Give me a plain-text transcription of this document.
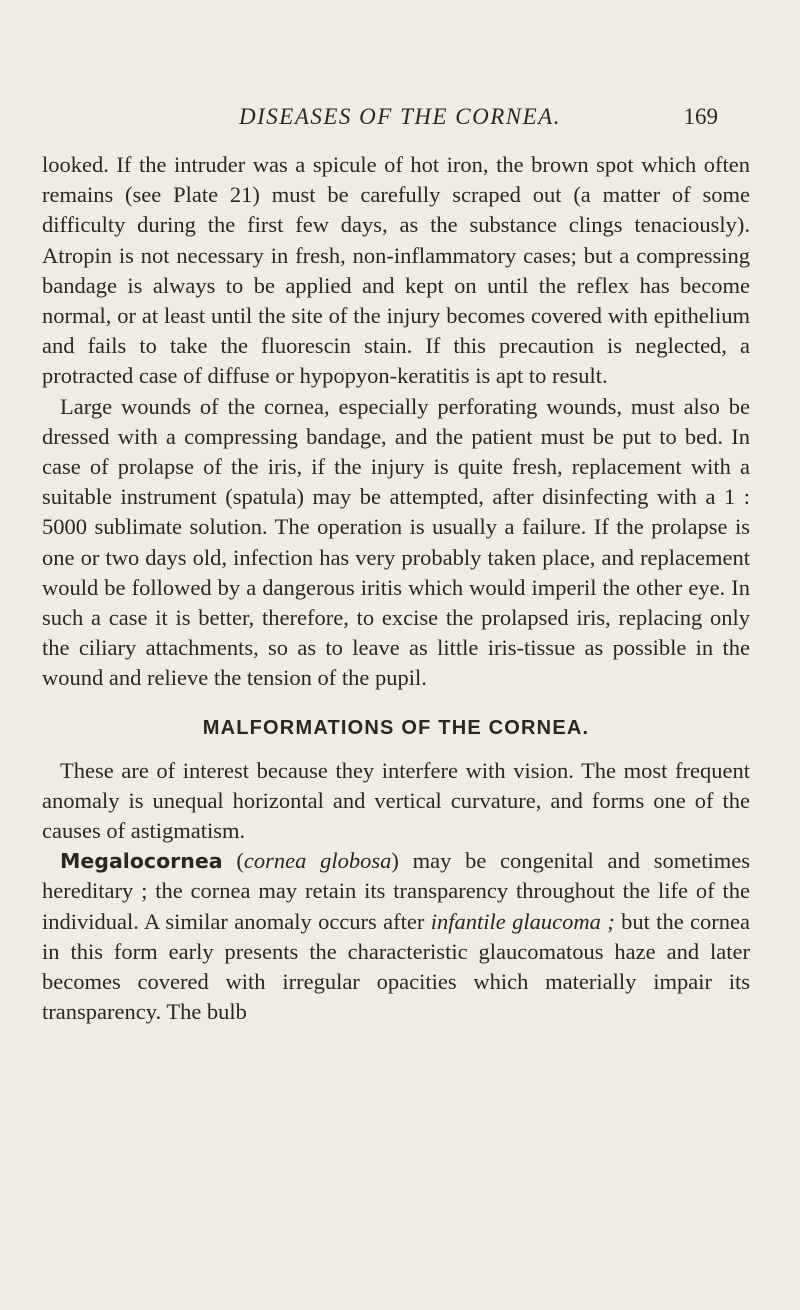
DISEASES OF THE CORNEA.	169

looked. If the intruder was a spicule of hot iron, the brown spot which often remains (see Plate 21) must be carefully scraped out (a matter of some difficulty during the first few days, as the substance clings tenaciously). Atropin is not necessary in fresh, non-inflammatory cases; but a compressing bandage is always to be applied and kept on until the reflex has become normal, or at least until the site of the injury becomes covered with epithelium and fails to take the fluorescin stain. If this precaution is neglected, a protracted case of diffuse or hypopyon-keratitis is apt to result.

Large wounds of the cornea, especially perforating wounds, must also be dressed with a compressing bandage, and the patient must be put to bed. In case of prolapse of the iris, if the injury is quite fresh, replacement with a suitable instrument (spatula) may be attempted, after disinfecting with a 1 : 5000 sublimate solution. The operation is usually a failure. If the prolapse is one or two days old, infection has very probably taken place, and replacement would be followed by a dangerous iritis which would imperil the other eye. In such a case it is better, therefore, to excise the prolapsed iris, replacing only the ciliary attachments, so as to leave as little iris-tissue as possible in the wound and relieve the tension of the pupil.

MALFORMATIONS OF THE CORNEA.

These are of interest because they interfere with vision. The most frequent anomaly is unequal horizontal and vertical curvature, and forms one of the causes of astigmatism.

Megalocornea (cornea globosa) may be congenital and sometimes hereditary ; the cornea may retain its transparency throughout the life of the individual. A similar anomaly occurs after infantile glaucoma ; but the cornea in this form early presents the characteristic glaucomatous haze and later becomes covered with irregular opacities which materially impair its transparency. The bulb
